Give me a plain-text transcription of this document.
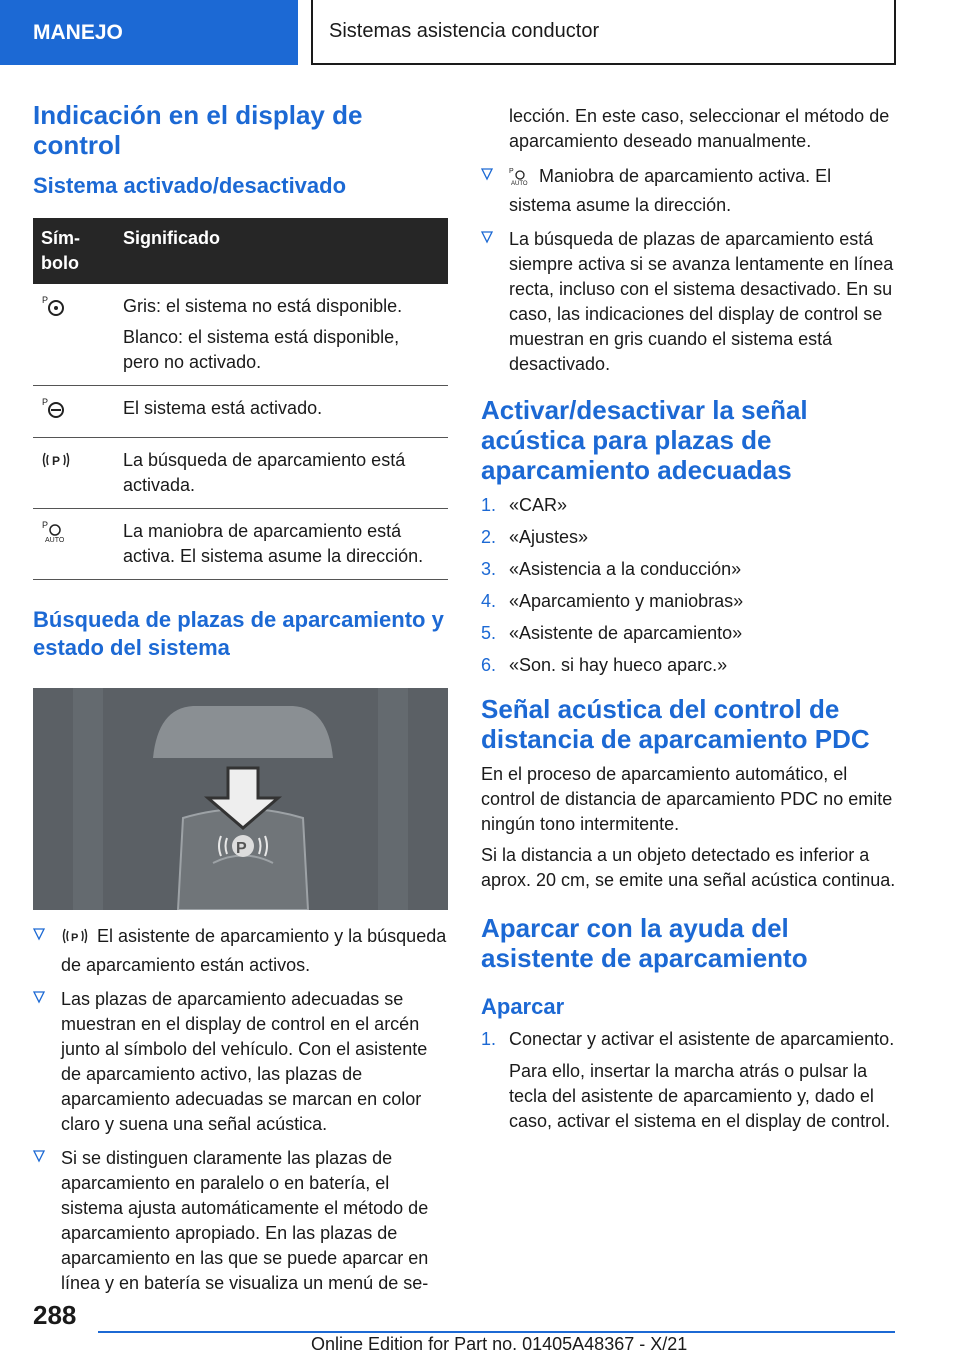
MANEJO	Sistemas asistencia conductor
Indicación en el display de control
Sistema activado/desactivado
Sím-bolo	Significado

P	Gris: el sistema no está disponible.

Blanco: el sistema está disponible, pero no activado.

P	El sistema está activado.

P	La búsqueda de aparcamiento está activada.

P
AUTO	La maniobra de aparcamiento está activa. El sistema asume la dirección.

Búsqueda de plazas de aparcamiento y estado del sistema
P
P El asistente de aparcamiento y la búsqueda de aparcamiento están activos.
Las plazas de aparcamiento adecuadas se muestran en el display de control en el arcén junto al símbolo del vehículo. Con el asistente de aparcamiento activo, las plazas de aparcamiento adecuadas se marcan en color claro y suena una señal acústica.
Si se distinguen claramente las plazas de aparcamiento en paralelo o en batería, el sistema ajusta automáticamente el método de aparcamiento apropiado. En las plazas de aparcamiento en las que se puede aparcar en línea y en batería se visualiza un menú de se-

lección. En este caso, seleccionar el método de aparcamiento deseado manualmente.

P
AUTO Maniobra de aparcamiento activa. El sistema asume la dirección.
La búsqueda de plazas de aparcamiento está siempre activa si se avanza lentamente en línea recta, incluso con el sistema desactivado. En su caso, las indicaciones del display de control se muestran en gris cuando el sistema está desactivado.
Activar/desactivar la señal acústica para plazas de aparcamiento adecuadas
1. «CAR»
2. «Ajustes»
3. «Asistencia a la conducción»
4. «Aparcamiento y maniobras»
5. «Asistente de aparcamiento»
6. «Son. si hay hueco aparc.»
Señal acústica del control de distancia de aparcamiento PDC

En el proceso de aparcamiento automático, el control de distancia de aparcamiento PDC no emite ningún tono intermitente.

Si la distancia a un objeto detectado es inferior a aprox. 20 cm, se emite una señal acústica continua.

Aparcar con la ayuda del asistente de aparcamiento
Aparcar
1. Conectar y activar el asistente de aparcamiento.

Para ello, insertar la marcha atrás o pulsar la tecla del asistente de aparcamiento y, dado el caso, activar el sistema en el display de control.

288
Online Edition for Part no. 01405A48367 - X/21
